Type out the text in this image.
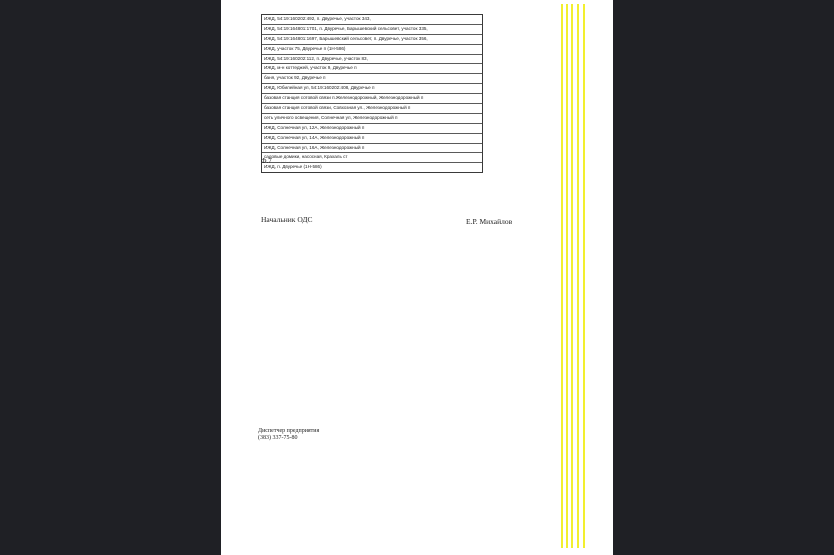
ИЖД, 54:19:160202:492, п. Двуречье, участок 343,
ИЖД, 54:19:164801:1701, п. Двуречье, Барышевский сельсовет, участок 335,
ИЖД, 54:19:164801:1697, Барышевский сельсовет, п. Двуречье, участок 356,
ИЖД, участок 75, Двуречье п (1Н-586)
ИЖД, 54:19:160202:112, п. Двуречье, участок 83,
ИЖД, м-н коттеджей, участок 9, Двуречье п
баня, участок 92, Двуречье п
ИЖД, Юбилейная ул, 54:19:160202:408, Двуречье п
базовая станция сотовой связи п.Железнодорожный, Железнодорожный п
базовая станция сотовой связи, Совхозная ул., Железнодорожный п
сеть уличного освещения, Солнечная ул, Железнодорожный п
ИЖД, Солнечная ул, 12А, Железнодорожный п
ИЖД, Солнечная ул, 14А, Железнодорожный п
ИЖД, Солнечная ул, 16А, Железнодорожный п
садовые домики, насосная, Крахаль ст
ИЖД, п. Двуречье (1Н-586)
Ф.7
Начальник ОДС	Е.Р. Михайлов
Диспетчер предприятия
(383) 337-75-80
